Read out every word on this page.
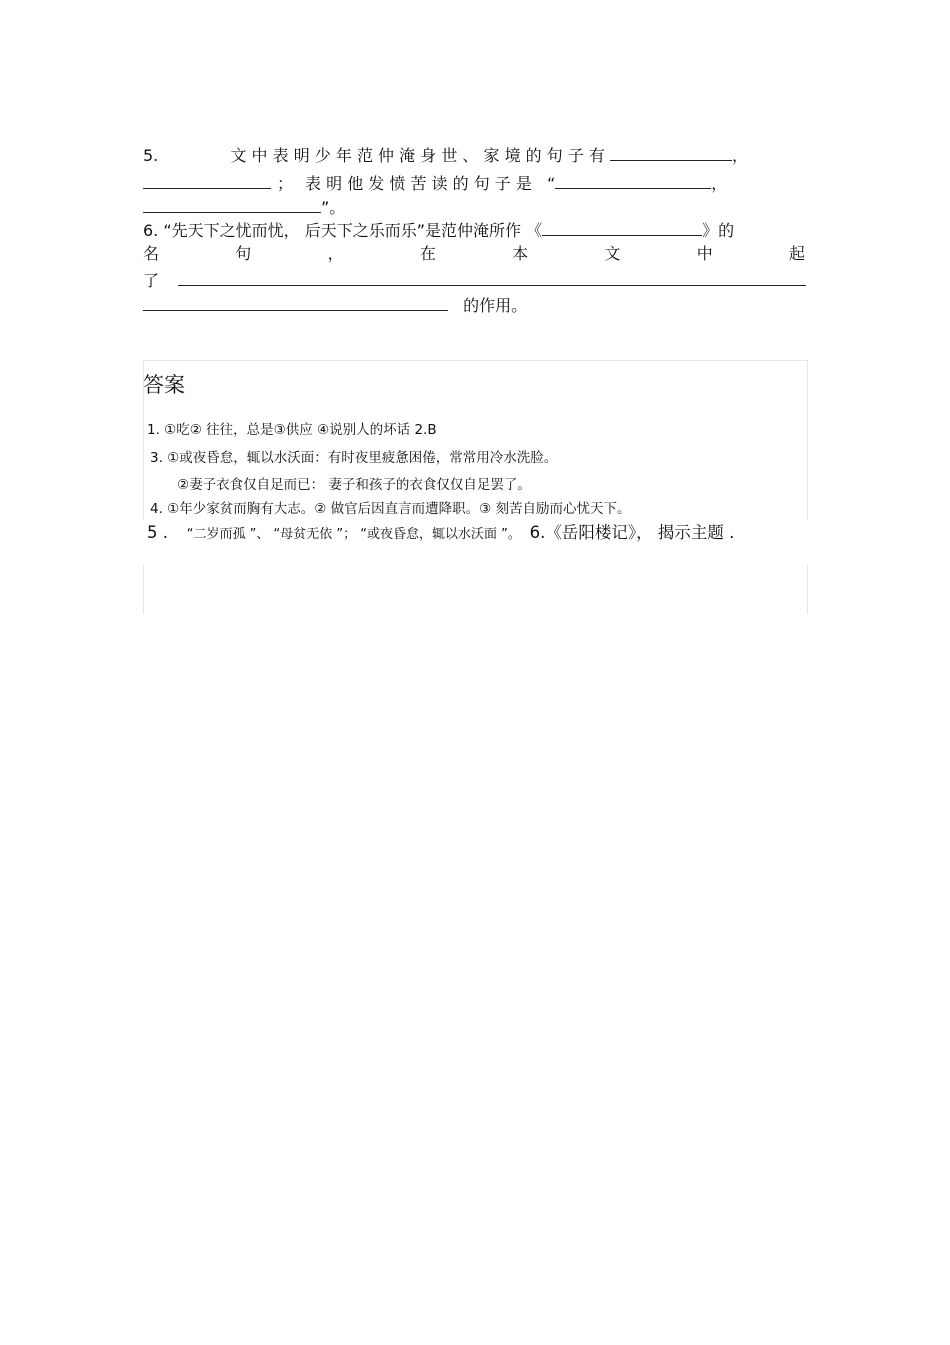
5.	文 中 表 明 少 年 范 仲 淹 身 世 、 家 境 的 句 子 有	，
； 表 明 他 发 愤 苦 读 的 句 子 是 “	，
”。
6. “先天下之忧而忧， 后天下之乐而乐”是范仲淹所作 《	》的
名	句	，	在	本	文	中	起
了
的作用。
答案
1. ①吃② 往往，总是③供应 ④说别人的坏话 2.B
3. ①或夜昏怠，辄以水沃面：有时夜里疲惫困倦，常常用冷水洗脸。
②妻子衣食仅自足而已： 妻子和孩子的衣食仅仅自足罢了。
4. ①年少家贫而胸有大志。② 做官后因直言而遭降职。③ 刻苦自励而心忧天下。
5 . “二岁而孤 ”、 “母贫无依 ”； “或夜昏怠，辄以水沃面 ”。 6.《岳阳楼记》， 揭示主题 .
